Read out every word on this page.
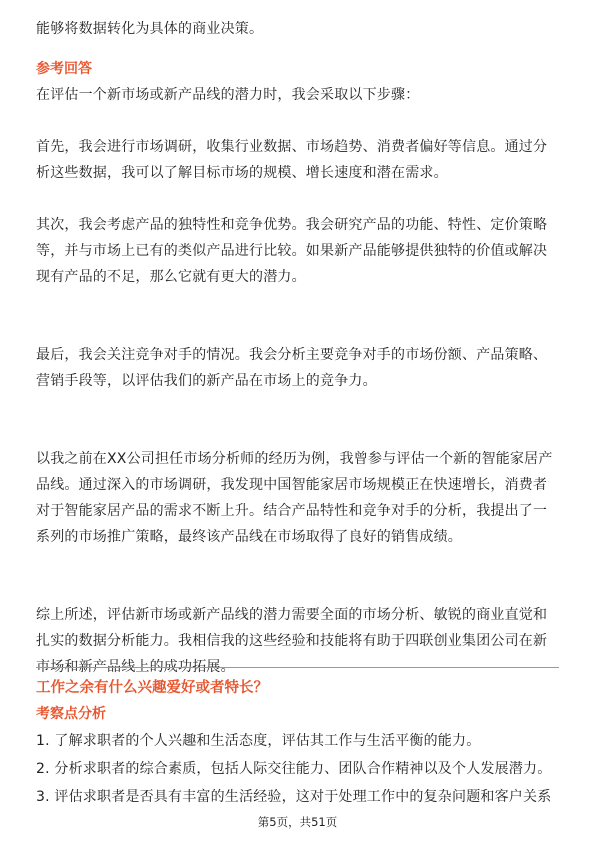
能够将数据转化为具体的商业决策。

参考回答

在评估一个新市场或新产品线的潜力时，我会采取以下步骤：

首先，我会进行市场调研，收集行业数据、市场趋势、消费者偏好等信息。通过分

析这些数据，我可以了解目标市场的规模、增长速度和潜在需求。

其次，我会考虑产品的独特性和竞争优势。我会研究产品的功能、特性、定价策略

等，并与市场上已有的类似产品进行比较。如果新产品能够提供独特的价值或解决

现有产品的不足，那么它就有更大的潜力。

最后，我会关注竞争对手的情况。我会分析主要竞争对手的市场份额、产品策略、

营销手段等，以评估我们的新产品在市场上的竞争力。

以我之前在XX公司担任市场分析师的经历为例，我曾参与评估一个新的智能家居产

品线。通过深入的市场调研，我发现中国智能家居市场规模正在快速增长，消费者

对于智能家居产品的需求不断上升。结合产品特性和竞争对手的分析，我提出了一

系列的市场推广策略，最终该产品线在市场取得了良好的销售成绩。

综上所述，评估新市场或新产品线的潜力需要全面的市场分析、敏锐的商业直觉和

扎实的数据分析能力。我相信我的这些经验和技能将有助于四联创业集团公司在新

市场和新产品线上的成功拓展。

工作之余有什么兴趣爱好或者特长？

考察点分析

1. 了解求职者的个人兴趣和生活态度，评估其工作与生活平衡的能力。

2. 分析求职者的综合素质，包括人际交往能力、团队合作精神以及个人发展潜力。

3. 评估求职者是否具有丰富的生活经验，这对于处理工作中的复杂问题和客户关系

第5页，共51页
